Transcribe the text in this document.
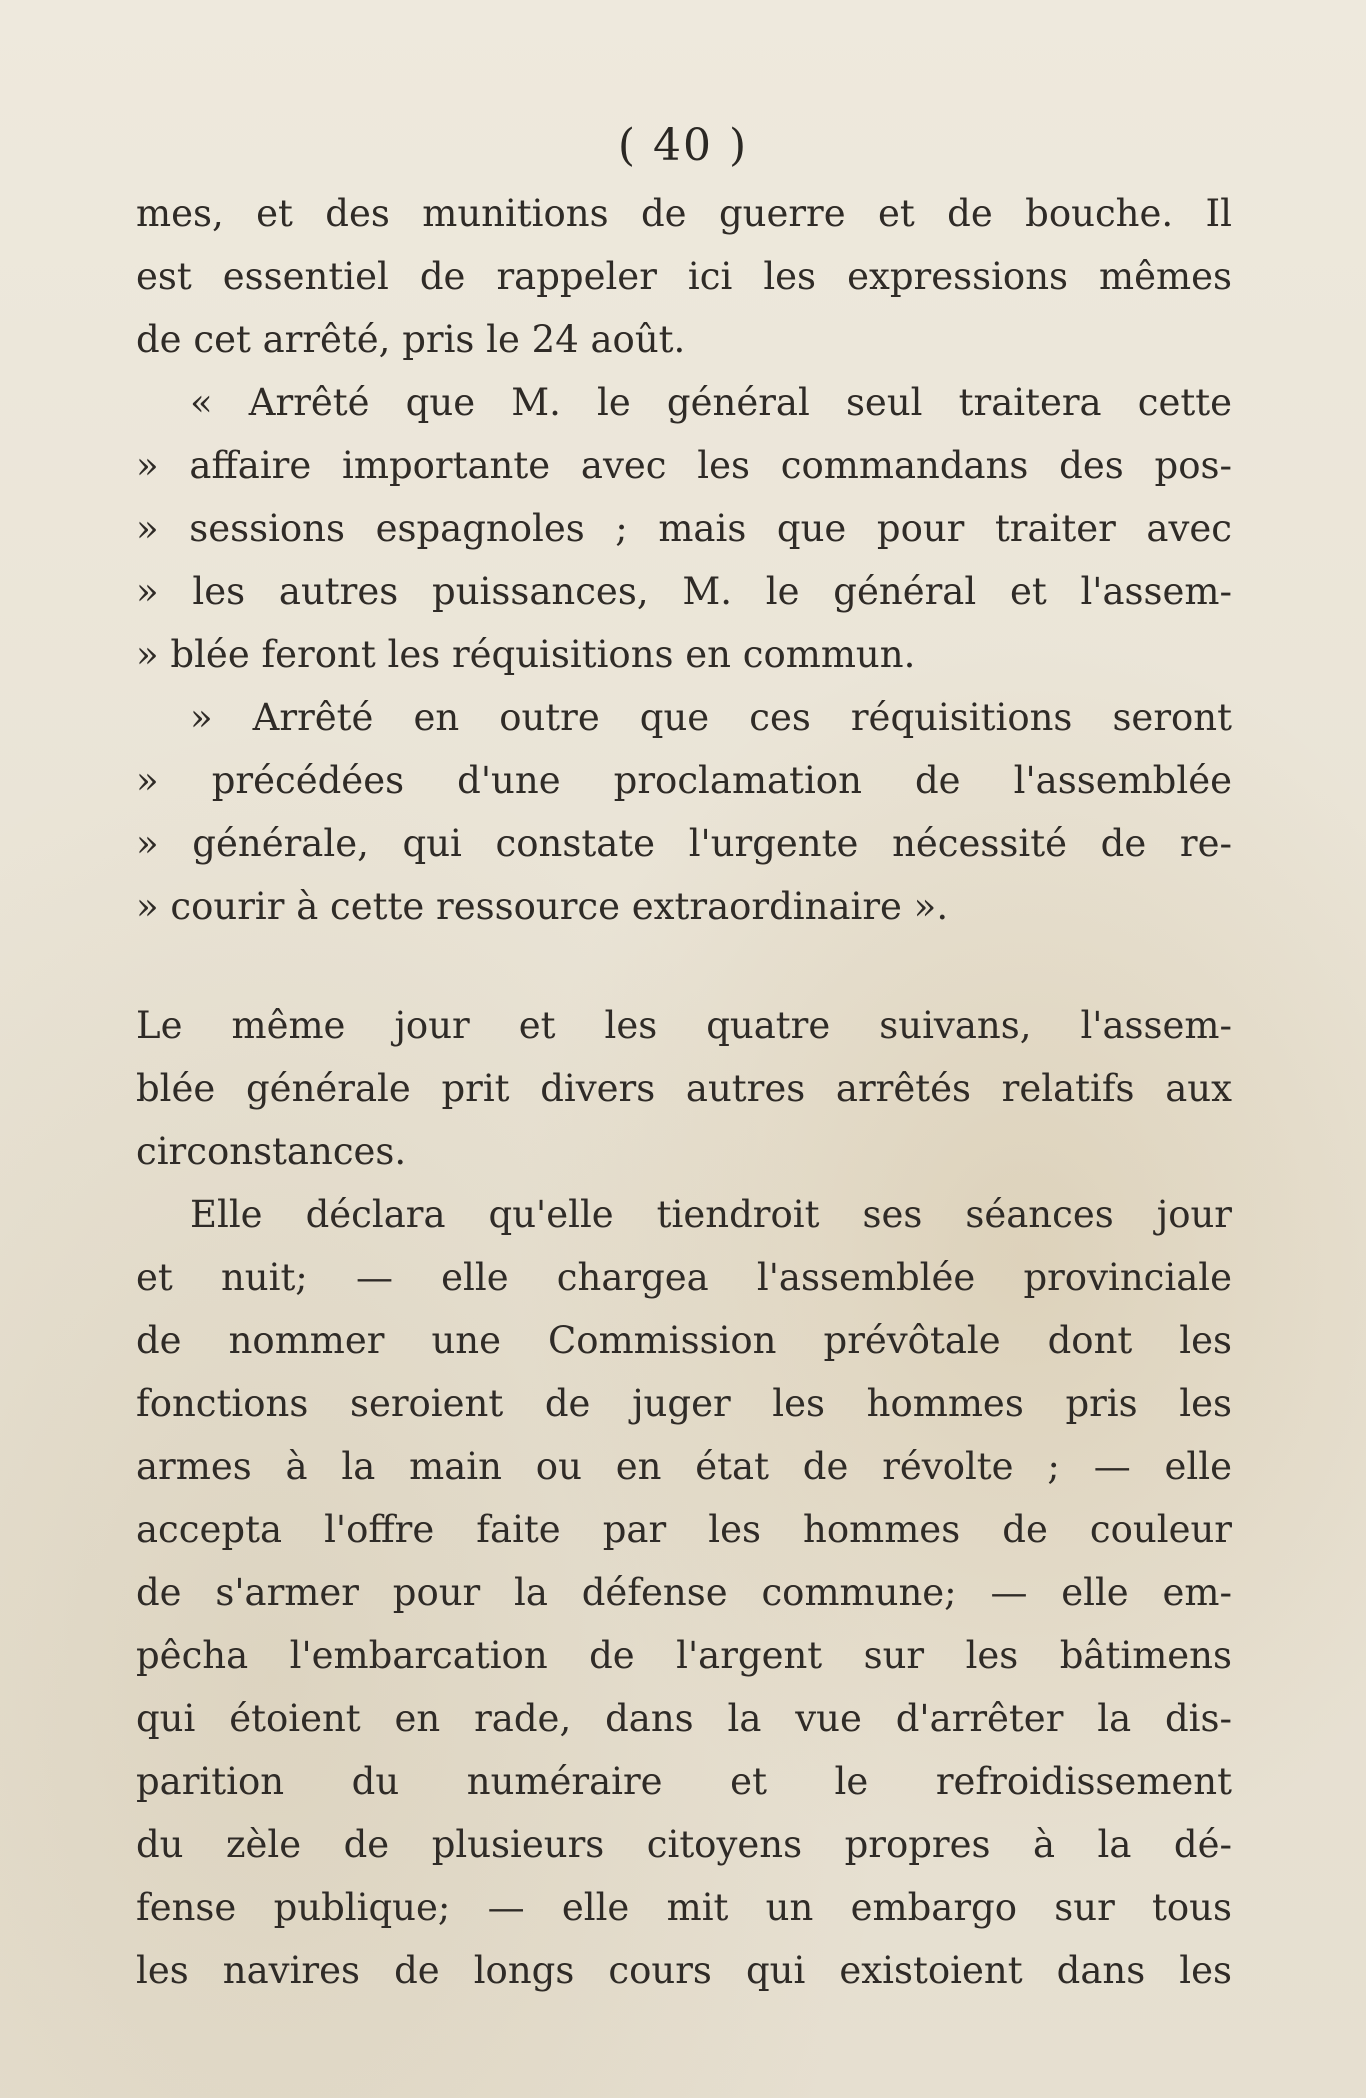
( 40 )
mes, et des munitions de guerre et de bouche. Il
est essentiel de rappeler ici les expressions mêmes
de cet arrêté, pris le 24 août.
« Arrêté que M. le général seul traitera cette
» affaire importante avec les commandans des pos-
» sessions espagnoles ; mais que pour traiter avec
» les autres puissances, M. le général et l'assem-
» blée feront les réquisitions en commun.
» Arrêté en outre que ces réquisitions seront
» précédées d'une proclamation de l'assemblée
» générale, qui constate l'urgente nécessité de re-
» courir à cette ressource extraordinaire ».
Le même jour et les quatre suivans, l'assem-
blée générale prit divers autres arrêtés relatifs aux
circonstances.
Elle déclara qu'elle tiendroit ses séances jour
et nuit; — elle chargea l'assemblée provinciale
de nommer une Commission prévôtale dont les
fonctions seroient de juger les hommes pris les
armes à la main ou en état de révolte ; — elle
accepta l'offre faite par les hommes de couleur
de s'armer pour la défense commune; — elle em-
pêcha l'embarcation de l'argent sur les bâtimens
qui étoient en rade, dans la vue d'arrêter la dis-
parition du numéraire et le refroidissement
du zèle de plusieurs citoyens propres à la dé-
fense publique; — elle mit un embargo sur tous
les navires de longs cours qui existoient dans les
